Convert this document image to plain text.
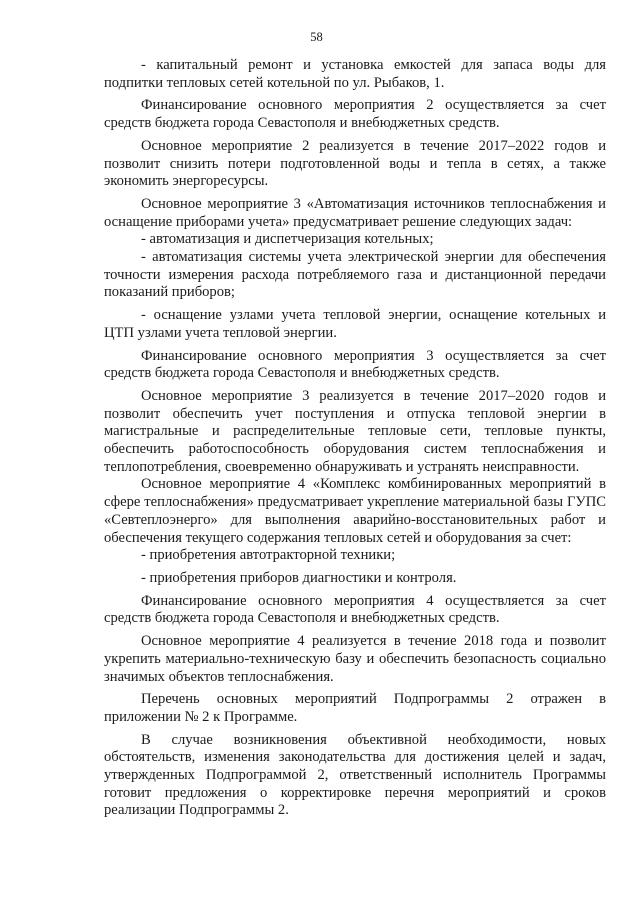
58

- капитальный ремонт и установка емкостей для запаса воды для подпитки тепловых сетей котельной по ул. Рыбаков, 1.

Финансирование основного мероприятия 2 осуществляется за счет средств бюджета города Севастополя и внебюджетных средств.

Основное мероприятие 2 реализуется в течение 2017–2022 годов и позволит снизить потери подготовленной воды и тепла в сетях, а также экономить энергоресурсы.

Основное мероприятие 3 «Автоматизация источников теплоснабжения и оснащение приборами учета» предусматривает решение следующих задач:

- автоматизация и диспетчеризация котельных;

- автоматизация системы учета электрической энергии для обеспечения точности измерения расхода потребляемого газа и дистанционной передачи показаний приборов;

- оснащение узлами учета тепловой энергии, оснащение котельных и ЦТП узлами учета тепловой энергии.

Финансирование основного мероприятия 3 осуществляется за счет средств бюджета города Севастополя и внебюджетных средств.

Основное мероприятие 3 реализуется в течение 2017–2020 годов и позволит обеспечить учет поступления и отпуска тепловой энергии в магистральные и распределительные тепловые сети, тепловые пункты, обеспечить работоспособность оборудования систем теплоснабжения и теплопотребления, своевременно обнаруживать и устранять неисправности.

Основное мероприятие 4 «Комплекс комбинированных мероприятий в сфере теплоснабжения» предусматривает укрепление материальной базы ГУПС «Севтеплоэнерго» для выполнения аварийно-восстановительных работ и обеспечения текущего содержания тепловых сетей и оборудования за счет:

- приобретения автотракторной техники;

- приобретения приборов диагностики и контроля.

Финансирование основного мероприятия 4 осуществляется за счет средств бюджета города Севастополя и внебюджетных средств.

Основное мероприятие 4 реализуется в течение 2018 года и позволит укрепить материально-техническую базу и обеспечить безопасность социально значимых объектов теплоснабжения.

Перечень основных мероприятий Подпрограммы 2 отражен в приложении № 2 к Программе.

В случае возникновения объективной необходимости, новых обстоятельств, изменения законодательства для достижения целей и задач, утвержденных Подпрограммой 2, ответственный исполнитель Программы готовит предложения о корректировке перечня мероприятий и сроков реализации Подпрограммы 2.
